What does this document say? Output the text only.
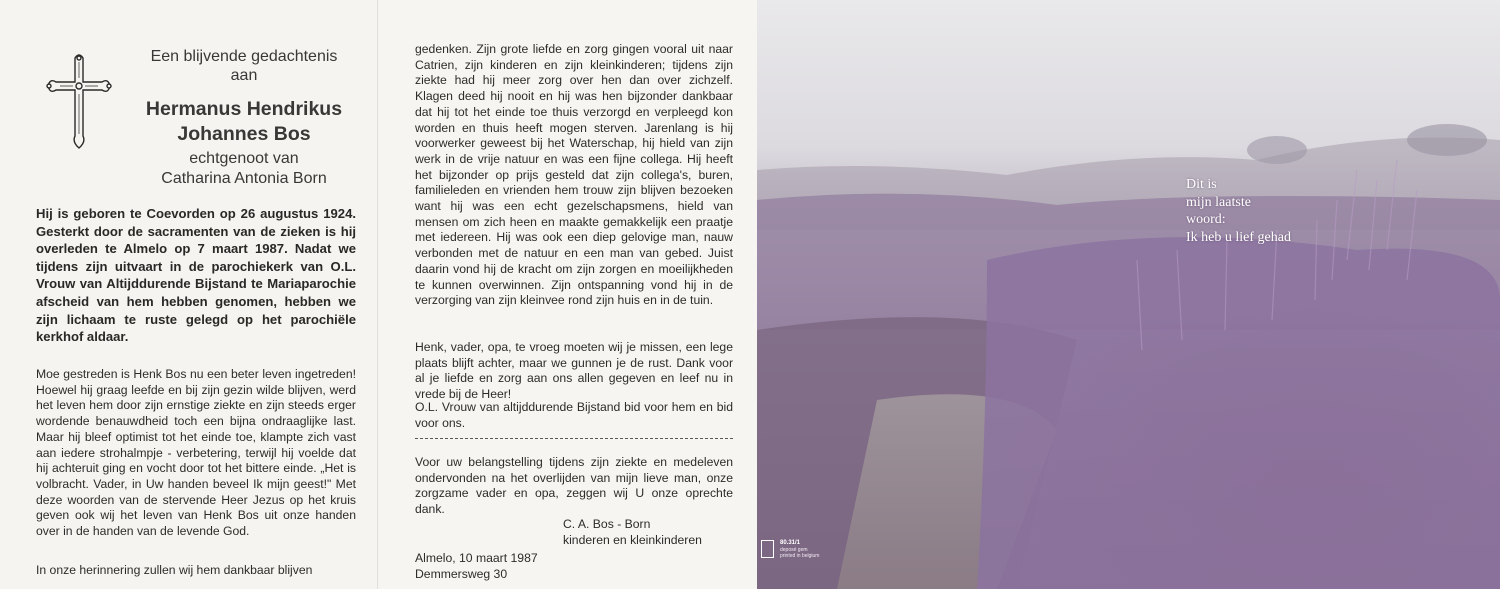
Een blijvende gedachtenis
aan
Hermanus Hendrikus
Johannes Bos
echtgenoot van
Catharina Antonia Born
Hij is geboren te Coevorden op 26 augustus 1924. Gesterkt door de sacramenten van de zieken is hij overleden te Almelo op 7 maart 1987. Nadat we tijdens zijn uitvaart in de parochiekerk van O.L. Vrouw van Altijddurende Bijstand te Mariaparochie afscheid van hem hebben genomen, hebben we zijn lichaam te ruste gelegd op het parochiële kerkhof aldaar.
Moe gestreden is Henk Bos nu een beter leven ingetreden! Hoewel hij graag leefde en bij zijn gezin wilde blijven, werd het leven hem door zijn ernstige ziekte en zijn steeds erger wordende benauwdheid toch een bijna ondraaglijke last. Maar hij bleef optimist tot het einde toe, klampte zich vast aan iedere strohalmpje - verbetering, terwijl hij voelde dat hij achteruit ging en vocht door tot het bittere einde. „Het is volbracht. Vader, in Uw handen beveel Ik mijn geest!" Met deze woorden van de stervende Heer Jezus op het kruis geven ook wij het leven van Henk Bos uit onze handen over in de handen van de levende God.
In onze herinnering zullen wij hem dankbaar blijven
gedenken. Zijn grote liefde en zorg gingen vooral uit naar Catrien, zijn kinderen en zijn kleinkinderen; tijdens zijn ziekte had hij meer zorg over hen dan over zichzelf. Klagen deed hij nooit en hij was hen bijzonder dankbaar dat hij tot het einde toe thuis verzorgd en verpleegd kon worden en thuis heeft mogen sterven. Jarenlang is hij voorwerker geweest bij het Waterschap, hij hield van zijn werk in de vrije natuur en was een fijne collega. Hij heeft het bijzonder op prijs gesteld dat zijn collega's, buren, familieleden en vrienden hem trouw zijn blijven bezoeken want hij was een echt gezelschapsmens, hield van mensen om zich heen en maakte gemakkelijk een praatje met iedereen. Hij was ook een diep gelovige man, nauw verbonden met de natuur en een man van gebed. Juist daarin vond hij de kracht om zijn zorgen en moeilijkheden te kunnen overwinnen. Zijn ontspanning vond hij in de verzorging van zijn kleinvee rond zijn huis en in de tuin.
Henk, vader, opa, te vroeg moeten wij je missen, een lege plaats blijft achter, maar we gunnen je de rust. Dank voor al je liefde en zorg aan ons allen gegeven en leef nu in vrede bij de Heer!
O.L. Vrouw van altijddurende Bijstand bid voor hem en bid voor ons.
Voor uw belangstelling tijdens zijn ziekte en medeleven ondervonden na het overlijden van mijn lieve man, onze zorgzame vader en opa, zeggen wij U onze oprechte dank.
C. A. Bos - Born
kinderen en kleinkinderen
Almelo, 10 maart 1987
Demmersweg 30
Dit is
mijn laatste
woord:
Ik heb u lief gehad
80.31/1
deposé gem
printed in belgium
